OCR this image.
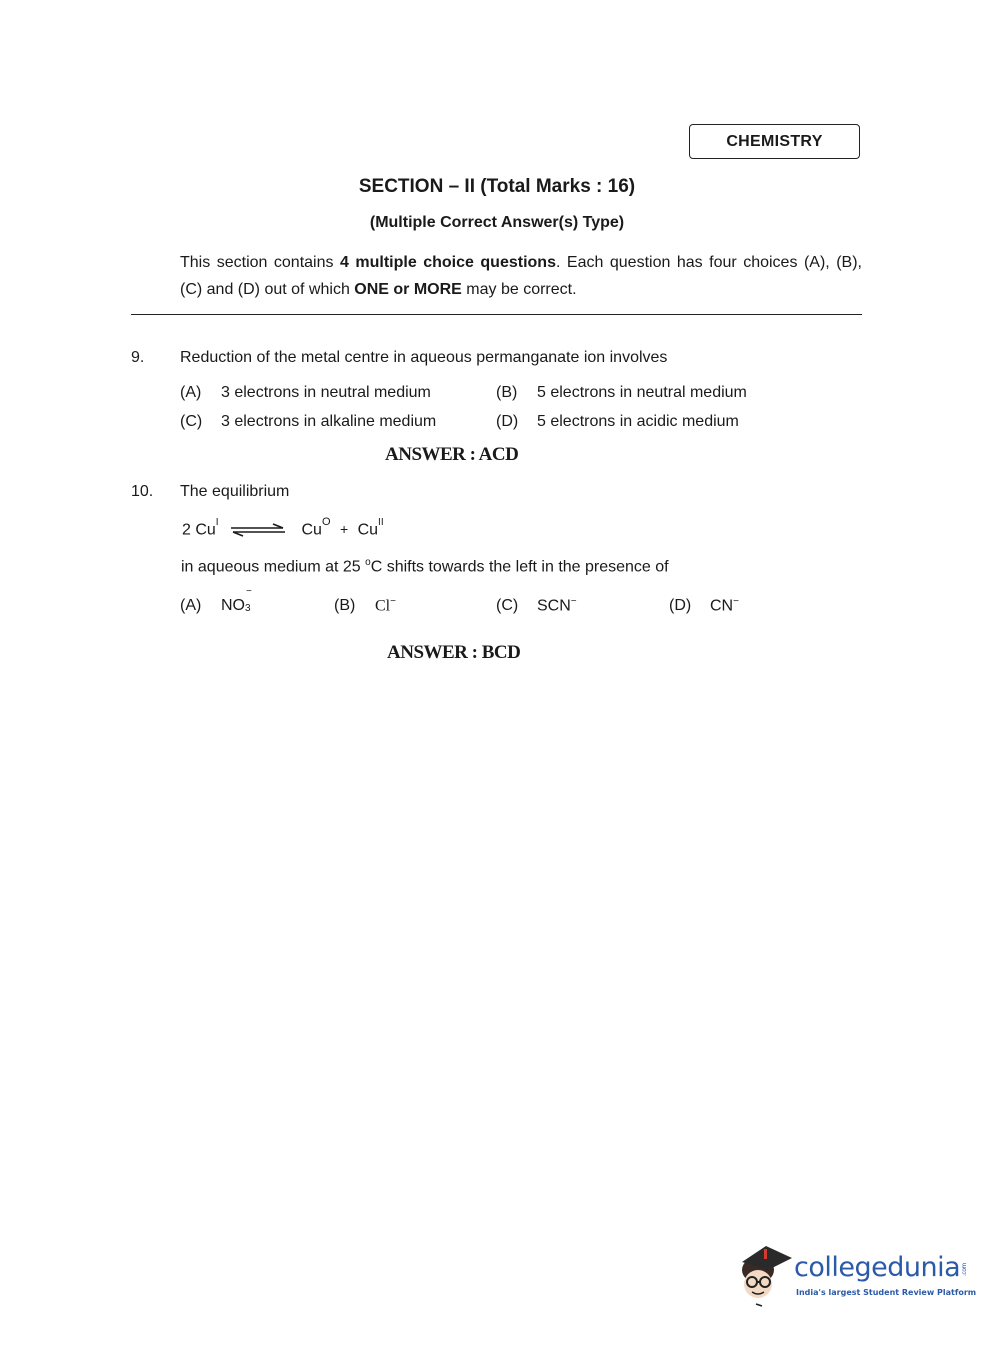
CHEMISTRY
SECTION – II (Total Marks : 16)
(Multiple Correct Answer(s) Type)
This section contains 4 multiple choice questions. Each question has four choices (A), (B), (C) and (D) out of which ONE or MORE may be correct.
9. Reduction of the metal centre in aqueous permanganate ion involves
(A) 3 electrons in neutral medium	(B) 5 electrons in neutral medium
(C) 3 electrons in alkaline medium	(D) 5 electrons in acidic medium
ANSWER : ACD
10. The equilibrium
2 $Cu^I$ ⇌ $Cu^O + Cu^{II}$
in aqueous medium at 25 $^o$C shifts towards the left in the presence of
(A) NO 3
−
(B) Cl−	(C) SCN−	(D) CN−
ANSWER : BCD
collegedunia.com
India's largest Student Review Platform
